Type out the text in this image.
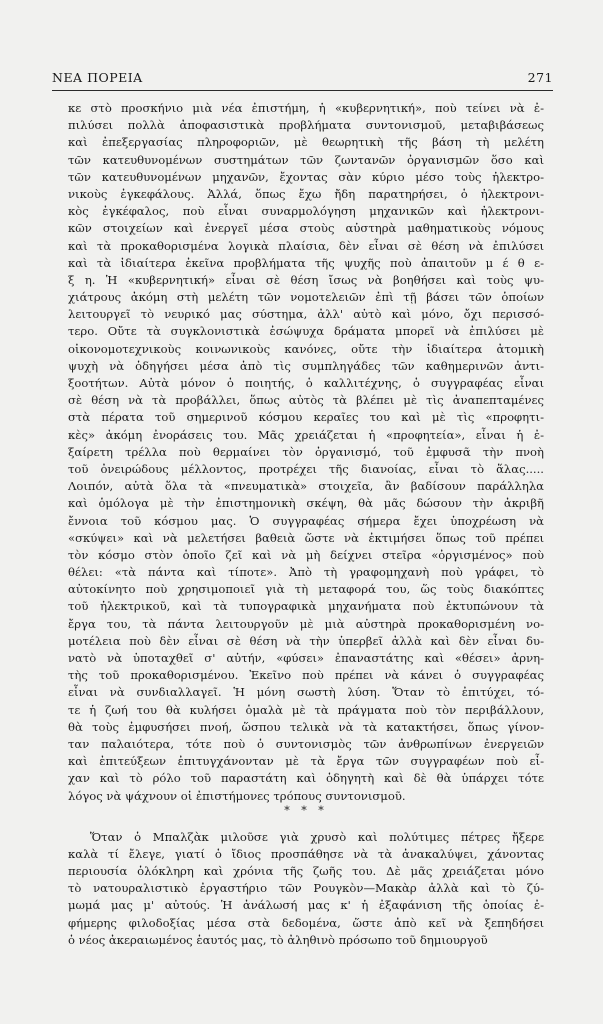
ΝΕΑ ΠΟΡΕΙΑ	271
κε στὸ προσκήνιο μιὰ νέα ἐπιστήμη, ἡ «κυβερνητική», ποὺ τείνει νὰ ἐ-
πιλύσει πολλὰ ἀποφασιστικὰ προβλήματα συντονισμοῦ, μεταβιβάσεως
καὶ ἐπεξεργασίας πληροφοριῶν, μὲ θεωρητικὴ τῆς βάση τὴ μελέτη
τῶν κατευθυνομένων συστημάτων τῶν ζωντανῶν ὀργανισμῶν ὅσο καὶ
τῶν κατευθυνομένων μηχανῶν, ἔχοντας σὰν κύριο μέσο τοὺς ἠλεκτρο-
νικοὺς ἐγκεφάλους. Ἀλλά, ὅπως ἔχω ἤδη παρατηρήσει, ὁ ἠλεκτρονι-
κὸς ἐγκέφαλος, ποὺ εἶναι συναρμολόγηση μηχανικῶν καὶ ἠλεκτρονι-
κῶν στοιχείων καὶ ἐνεργεῖ μέσα στοὺς αὐστηρὰ μαθηματικοὺς νόμους
καὶ τὰ προκαθορισμένα λογικὰ πλαίσια, δὲν εἶναι σὲ θέση νὰ ἐπιλύσει
καὶ τὰ ἰδιαίτερα ἐκεῖνα προβλήματα τῆς ψυχῆς ποὺ ἀπαιτοῦν μ έ θ ε-
ξ η. Ἡ «κυβερνητική» εἶναι σὲ θέση ἴσως νὰ βοηθήσει καὶ τοὺς ψυ-
χιάτρους ἀκόμη στὴ μελέτη τῶν νομοτελειῶν ἐπὶ τῇ βάσει τῶν ὁποίων
λειτουργεῖ τὸ νευρικό μας σύστημα, ἀλλ' αὐτὸ καὶ μόνο, ὄχι περισσό-
τερο. Οὔτε τὰ συγκλονιστικὰ ἐσώψυχα δράματα μπορεῖ νὰ ἐπιλύσει μὲ
οἰκονομοτεχνικοὺς κοινωνικοὺς κανόνες, οὔτε τὴν ἰδιαίτερα ἀτομικὴ
ψυχὴ νὰ ὁδηγήσει μέσα ἀπὸ τὶς συμπληγάδες τῶν καθημερινῶν ἀντι-
ξοοτήτων. Αὐτὰ μόνον ὁ ποιητής, ὁ καλλιτέχνης, ὁ συγγραφέας εἶναι
σὲ θέση νὰ τὰ προβάλλει, ὅπως αὐτὸς τὰ βλέπει μὲ τὶς ἀναπεπταμένες
στὰ πέρατα τοῦ σημερινοῦ κόσμου κεραῖες του καὶ μὲ τὶς «προφητι-
κὲς» ἀκόμη ἐνοράσεις του. Μᾶς χρειάζεται ἡ «προφητεία», εἶναι ἡ ἐ-
ξαίρετη τρέλλα ποὺ θερμαίνει τὸν ὀργανισμό, τοῦ ἐμφυσᾶ τὴν πνοὴ
τοῦ ὀνειρώδους μέλλοντος, προτρέχει τῆς διανοίας, εἶναι τὸ ἅλας.....
Λοιπόν, αὐτὰ ὅλα τὰ «πνευματικὰ» στοιχεῖα, ἂν βαδίσουν παράλληλα
καὶ ὁμόλογα μὲ τὴν ἐπιστημονικὴ σκέψη, θὰ μᾶς δώσουν τὴν ἀκριβῆ
ἔννοια τοῦ κόσμου μας. Ὁ συγγραφέας σήμερα ἔχει ὑποχρέωση νὰ
«σκύψει» καὶ νὰ μελετήσει βαθειὰ ὥστε νὰ ἐκτιμήσει ὅπως τοῦ πρέπει
τὸν κόσμο στὸν ὁποῖο ζεῖ καὶ νὰ μὴ δείχνει στεῖρα «ὀργισμένος» ποὺ
θέλει: «τὰ πάντα καὶ τίποτε». Ἀπὸ τὴ γραφομηχανὴ ποὺ γράφει, τὸ
αὐτοκίνητο ποὺ χρησιμοποιεῖ γιὰ τὴ μεταφορά του, ὥς τοὺς διακόπτες
τοῦ ἠλεκτρικοῦ, καὶ τὰ τυπογραφικὰ μηχανήματα ποὺ ἐκτυπώνουν τὰ
ἔργα του, τὰ πάντα λειτουργοῦν μὲ μιὰ αὐστηρὰ προκαθορισμένη νο-
μοτέλεια ποὺ δὲν εἶναι σὲ θέση νὰ τὴν ὑπερβεῖ ἀλλὰ καὶ δὲν εἶναι δυ-
νατὸ νὰ ὑποταχθεῖ σ' αὐτήν, «φύσει» ἐπαναστάτης καὶ «θέσει» ἀρνη-
τὴς τοῦ προκαθορισμένου. Ἐκεῖνο ποὺ πρέπει νὰ κάνει ὁ συγγραφέας
εἶναι νὰ συνδιαλλαγεῖ. Ἡ μόνη σωστὴ λύση. Ὅταν τὸ ἐπιτύχει, τό-
τε ἡ ζωή του θὰ κυλήσει ὁμαλὰ μὲ τὰ πράγματα ποὺ τὸν περιβάλλουν,
θὰ τοὺς ἐμφυσήσει πνοή, ὥσπου τελικὰ νὰ τὰ κατακτήσει, ὅπως γίνον-
ταν παλαιότερα, τότε ποὺ ὁ συντονισμὸς τῶν ἀνθρωπίνων ἐνεργειῶν
καὶ ἐπιτεύξεων ἐπιτυγχάνονταν μὲ τὰ ἔργα τῶν συγγραφέων ποὺ εἶ-
χαν καὶ τὸ ρόλο τοῦ παραστάτη καὶ ὁδηγητὴ καὶ δὲ θὰ ὑπάρχει τότε
λόγος νὰ ψάχνουν οἱ ἐπιστήμονες τρόπους συντονισμοῦ.
* * *
Ὅταν ὁ Μπαλζὰκ μιλοῦσε γιὰ χρυσὸ καὶ πολύτιμες πέτρες ἤξερε
καλὰ τί ἔλεγε, γιατί ὁ ἴδιος προσπάθησε νὰ τὰ ἀνακαλύψει, χάνοντας
περιουσία ὁλόκληρη καὶ χρόνια τῆς ζωῆς του. Δὲ μᾶς χρειάζεται μόνο
τὸ νατουραλιστικὸ ἐργαστήριο τῶν Ρουγκὸν—Μακὰρ ἀλλὰ καὶ τὸ ζύ-
μωμά μας μ' αὐτούς. Ἡ ἀνάλωσή μας κ' ἡ ἐξαφάνιση τῆς ὁποίας ἐ-
φήμερης φιλοδοξίας μέσα στὰ δεδομένα, ὥστε ἀπὸ κεῖ νὰ ξεπηδήσει
ὁ νέος ἀκεραιωμένος ἑαυτός μας, τὸ ἀληθινὸ πρόσωπο τοῦ δημιουργοῦ
